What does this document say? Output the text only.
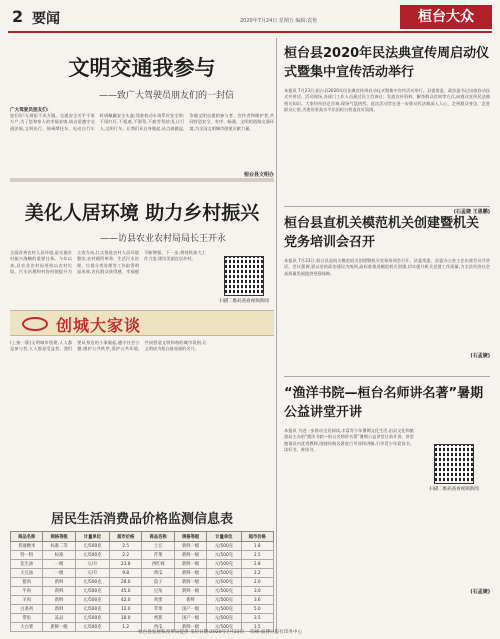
2 要闻	2020年7月24日 星期五 编辑:袁艳	桓台大众
文明交通我参与
——致广大驾驶员朋友们的一封信
广大驾驶员朋友们:
您们好!无规矩不成方圆。交通安全关乎千家万户,为了您和家人的幸福安康,请自觉遵守交通法规,文明出行。骑乘摩托车、电动自行车时请佩戴安全头盔;驾驶机动车请系好安全带;不闯红灯,不超速,不酒驾,不疲劳驾驶;礼让行人,文明行车。让我们从自身做起,从点滴做起,争做文明交通的参与者、宣传者和维护者,共同营造安全、有序、畅通、文明的道路交通环境,为全国文明城市创建贡献力量。
桓台县文明办
美化人居环境 助力乡村振兴
——访县农业农村局局长王开永
全面改善农村人居环境,是实施乡村振兴战略的重要任务。今年以来,县农业农村局坚持以农村垃圾、污水治理和村容村貌提升为主攻方向,扎实推进农村人居环境整治,农村厕所革命、生活污水治理、垃圾分类处理等工作取得明显成效,农民群众获得感、幸福感不断增强。下一步,将持续加大工作力度,建设美丽宜居乡村。
扫描二维码查看视频新闻
创城大家谈
(上接一版)文明城市创建,人人都是参与者,人人都是受益者。我们要从身边的小事做起,遵守社会公德,维护公共秩序,爱护公共环境,共同营造文明和谐的城市氛围,让文明成为桓台最亮丽的名片。
居民生活消费品价格监测信息表
商品名称	规格等级	计量单位	超市价格	商品名称	规格等级	计量单位	超市价格
普通粳米	标准二等	元/500克	2.5	土豆	新鲜一级	元/500克	1.8
特一粉	标准	元/500克	2.2	芹菜	新鲜一级	元/500克	2.5
花生油	一级	元/升	23.8	西红柿	新鲜一级	元/500克	2.8
大豆油	一级	元/升	9.8	黄瓜	新鲜一级	元/500克	2.2
猪肉	新鲜	元/500克	28.0	茄子	新鲜一级	元/500克	2.0
牛肉	新鲜	元/500克	45.0	豆角	新鲜一级	元/500克	3.0
羊肉	新鲜	元/500克	42.0	鸡蛋	新鲜	元/500克	3.6
白条鸡	新鲜	元/500克	12.0	苹果	国产一级	元/500克	5.0
带鱼	冻品	元/500克	18.0	香蕉	国产一级	元/500克	3.5
大白菜	新鲜一级	元/500克	1.2	西瓜	新鲜一级	元/500克	1.5
桓台县2020年民法典宣传周启动仪式暨集中宣传活动举行
本报讯 7月23日,桓台县2020年民法典宣传周启动仪式暨集中宣传活动举行。县委常委、政法委书记出席启动仪式并讲话。活动现场,各部门工作人员通过设立咨询台、发放宣传资料、解答群众咨询等方式,向群众宣传民法典相关知识。大家纷纷驻足咨询,现场气氛热烈。此次活动旨在进一步推动民法典深入人心、走到群众身边、走进群众心里,为建设更高水平法治桓台营造良好氛围。
(石孟婕 王恩鹏)
桓台县直机关模范机关创建暨机关党务培训会召开
本报讯 7月23日,桓台县直机关模范机关创建暨机关党务培训会召开。县委常委、县委办公室主任出席会议并讲话。会议强调,要以党的政治建设为统领,高标准推进模范机关创建,切实提升机关党建工作质量,为全县经济社会高质量发展提供坚强保障。
(石孟婕)
“渔洋书院—桓台名师讲名著”暑期公益讲堂开讲
本报讯 为进一步推动全民阅读,丰富青少年暑期文化生活,由县文化和旅游局主办的“渔洋书院—桓台名师讲名著”暑期公益讲堂日前开讲。讲堂邀请县内优秀教师,围绕经典名著进行导读和讲解,引导青少年爱读书、读好书、善读书。
扫描二维码查看视频新闻
(石孟婕)
桓台县发展和改革局提供 采价日期:2020年7月23日 印刷:淄博日报社印务中心
